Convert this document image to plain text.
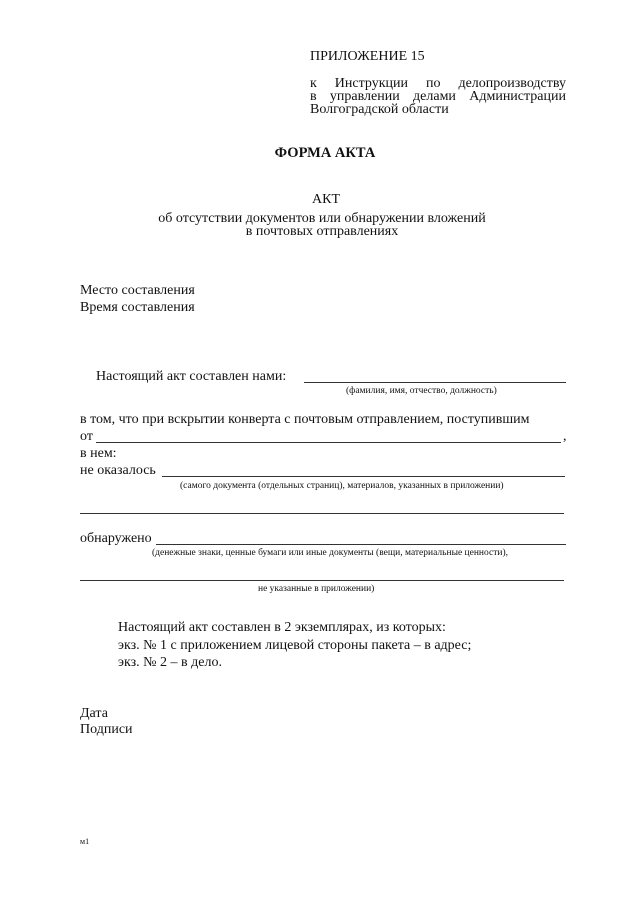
ПРИЛОЖЕНИЕ 15
к Инструкции по делопроизводству
в управлении делами Администрации
Волгоградской области
ФОРМА АКТА
АКТ
об отсутствии документов или обнаружении вложений
в почтовых отправлениях
Место составления
Время составления
Настоящий акт составлен нами:
(фамилия, имя, отчество, должность)
в том, что при вскрытии конверта с почтовым отправлением, поступившим
от	,
в нем:
не оказалось
(самого документа (отдельных страниц), материалов, указанных в приложении)
обнаружено
(денежные знаки, ценные бумаги или иные документы (вещи, материальные ценности),
не указанные в приложении)
Настоящий акт составлен в 2 экземплярах, из которых:
экз. № 1 с приложением лицевой стороны пакета – в адрес;
экз. № 2 – в дело.
Дата
Подписи
м1
